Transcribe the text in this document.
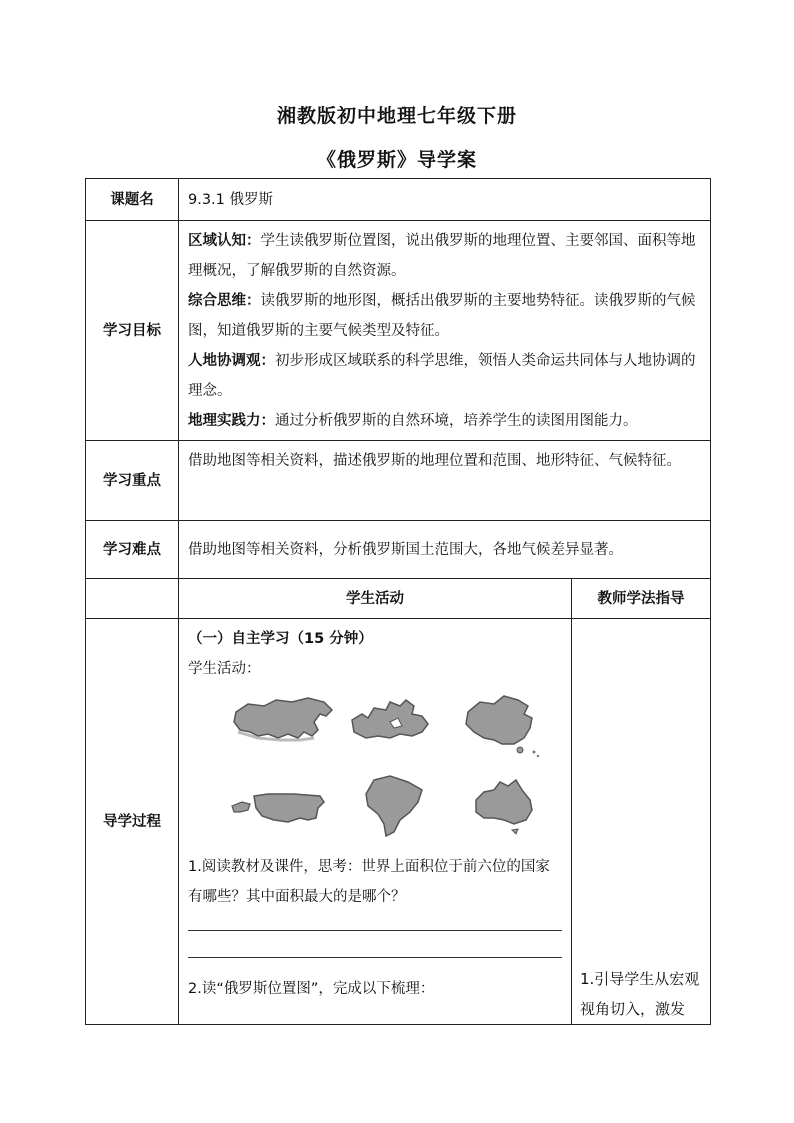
湘教版初中地理七年级下册
《俄罗斯》导学案
课题名	9.3.1 俄罗斯	
学习目标	区域认知：学生读俄罗斯位置图，说出俄罗斯的地理位置、主要邻国、面积等地理概况，了解俄罗斯的自然资源。
综合思维：读俄罗斯的地形图，概括出俄罗斯的主要地势特征。读俄罗斯的气候图，知道俄罗斯的主要气候类型及特征。
人地协调观：初步形成区域联系的科学思维，领悟人类命运共同体与人地协调的理念。
地理实践力：通过分析俄罗斯的自然环境，培养学生的读图用图能力。	

学习重点	借助地图等相关资料，描述俄罗斯的地理位置和范围、地形特征、气候特征。	
学习难点	借助地图等相关资料，分析俄罗斯国土范围大，各地气候差异显著。	
	学生活动	教师学法指导
导学过程	（一）自主学习（15 分钟）
学生活动：
1.阅读教材及课件，思考：世界上面积位于前六位的国家有哪些？其中面积最大的是哪个？
2.读“俄罗斯位置图”，完成以下梳理：	1.引导学生从宏观视角切入，激发
